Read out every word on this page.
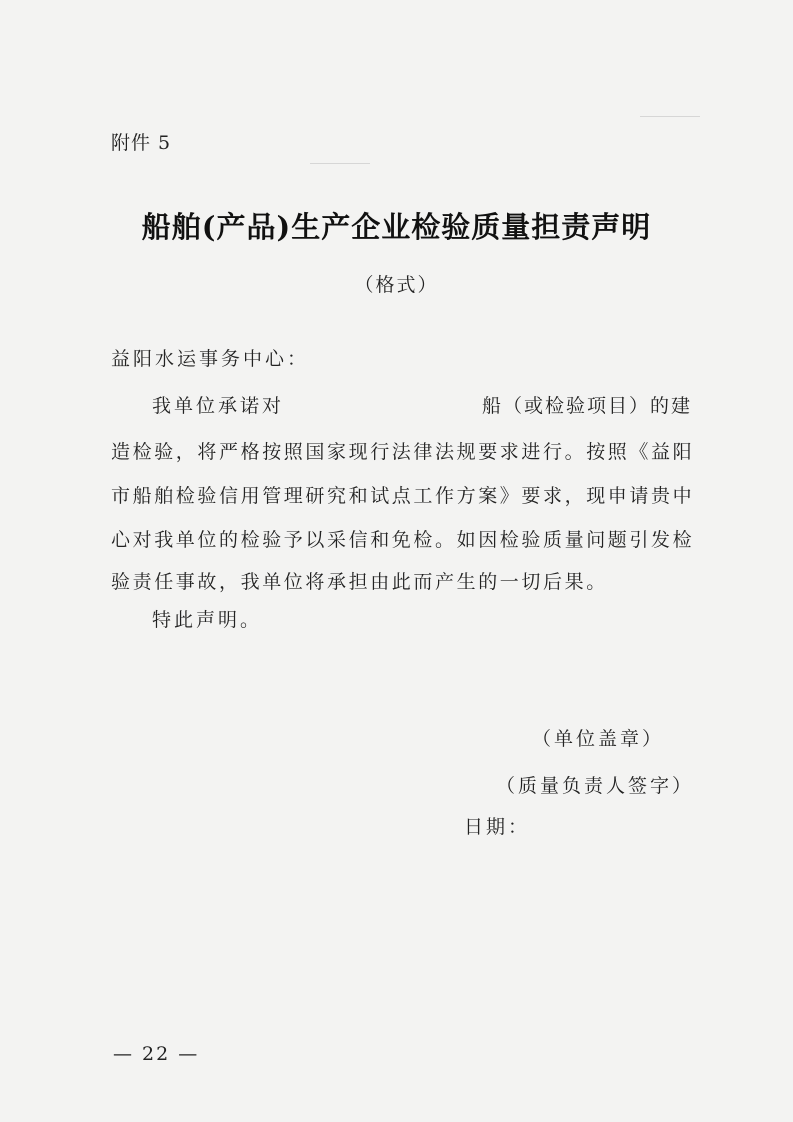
附件 5
船舶(产品)生产企业检验质量担责声明
（格式）
益阳水运事务中心：
我单位承诺对	船（或检验项目）的建
造检验，将严格按照国家现行法律法规要求进行。按照《益阳
市船舶检验信用管理研究和试点工作方案》要求，现申请贵中
心对我单位的检验予以采信和免检。如因检验质量问题引发检
验责任事故，我单位将承担由此而产生的一切后果。
特此声明。
（单位盖章）
（质量负责人签字）
日期：
— 22 —
